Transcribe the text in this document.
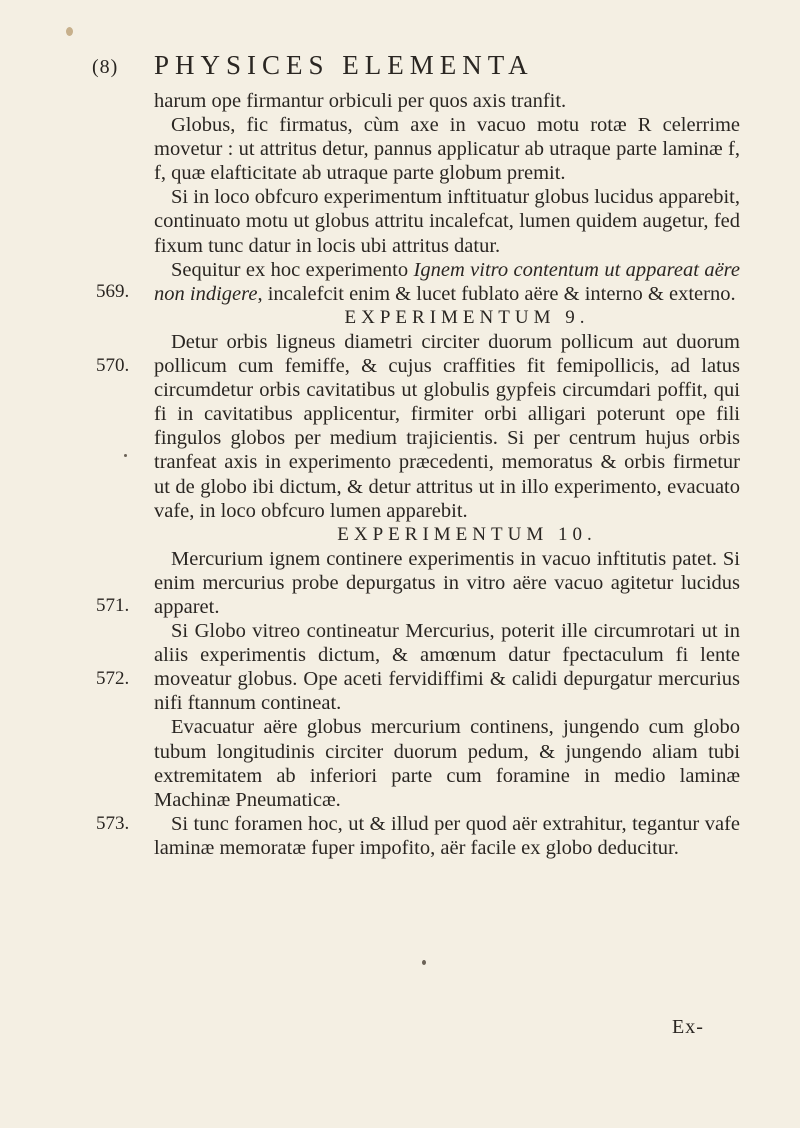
(8) PHYSICES ELEMENTA
569.
570.
571.
572.
573.

harum ope firmantur orbiculi per quos axis tranfit.

Globus, fic firmatus, cùm axe in vacuo motu rotæ R celerrime movetur : ut attritus detur, pannus applicatur ab utraque parte laminæ f, f, quæ elafticitate ab utraque parte globum premit.

Si in loco obfcuro experimentum inftituatur globus lucidus apparebit, continuato motu ut globus attritu incalefcat, lumen quidem augetur, fed fixum tunc datur in locis ubi attritus datur.

Sequitur ex hoc experimento Ignem vitro contentum ut appareat aëre non indigere, incalefcit enim & lucet fublato aëre & interno & externo.

EXPERIMENTUM 9.

Detur orbis ligneus diametri circiter duorum pollicum aut duorum pollicum cum femiffe, & cujus craffities fit femipollicis, ad latus circumdetur orbis cavitatibus ut globulis gypfeis circumdari poffit, qui fi in cavitatibus applicentur, firmiter orbi alligari poterunt ope fili fingulos globos per medium trajicientis. Si per centrum hujus orbis tranfeat axis in experimento præcedenti, memoratus & orbis firmetur ut de globo ibi dictum, & detur attritus ut in illo experimento, evacuato vafe, in loco obfcuro lumen apparebit.

EXPERIMENTUM 10.

Mercurium ignem continere experimentis in vacuo inftitutis patet. Si enim mercurius probe depurgatus in vitro aëre vacuo agitetur lucidus apparet.

Si Globo vitreo contineatur Mercurius, poterit ille circumrotari ut in aliis experimentis dictum, & amœnum datur fpectaculum fi lente moveatur globus. Ope aceti fervidiffimi & calidi depurgatur mercurius nifi ftannum contineat.

Evacuatur aëre globus mercurium continens, jungendo cum globo tubum longitudinis circiter duorum pedum, & jungendo aliam tubi extremitatem ab inferiori parte cum foramine in medio laminæ Machinæ Pneumaticæ.

Si tunc foramen hoc, ut & illud per quod aër extrahitur, tegantur vafe laminæ memoratæ fuper impofito, aër facile ex globo deducitur.

Ex-
